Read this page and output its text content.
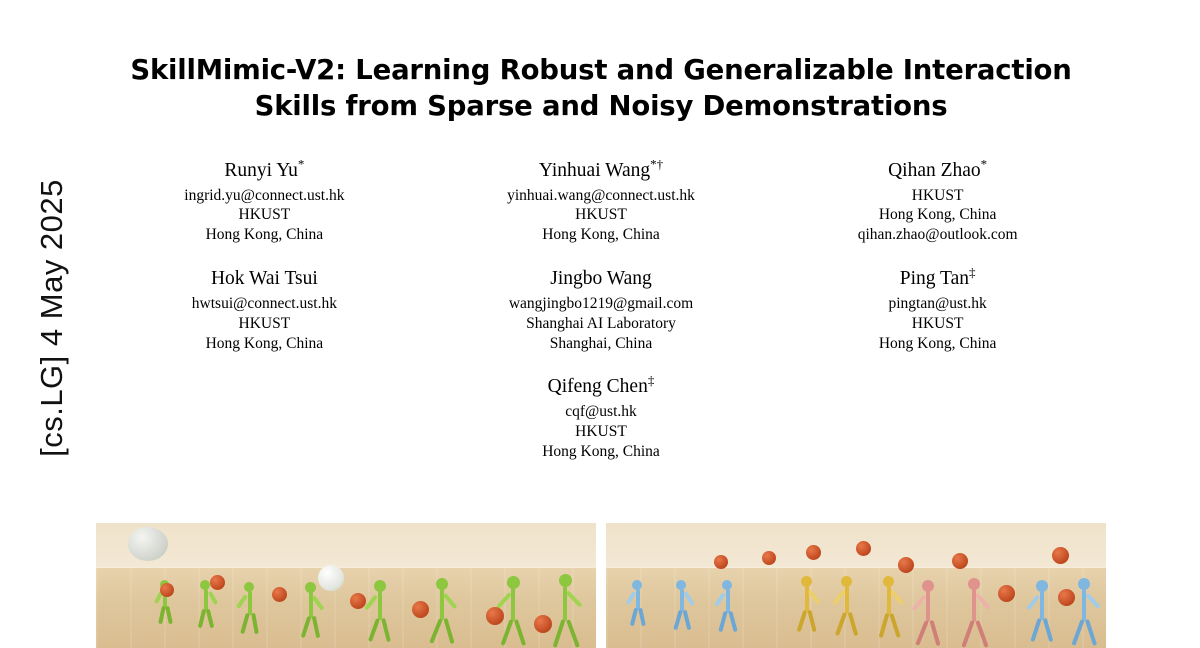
[cs.LG] 4 May 2025
SkillMimic-V2: Learning Robust and Generalizable Interaction
Skills from Sparse and Noisy Demonstrations
Runyi Yu*
ingrid.yu@connect.ust.hk
HKUST
Hong Kong, China
Yinhuai Wang*†
yinhuai.wang@connect.ust.hk
HKUST
Hong Kong, China
Qihan Zhao*
HKUST
Hong Kong, China
qihan.zhao@outlook.com
Hok Wai Tsui
hwtsui@connect.ust.hk
HKUST
Hong Kong, China
Jingbo Wang
wangjingbo1219@gmail.com
Shanghai AI Laboratory
Shanghai, China
Ping Tan‡
pingtan@ust.hk
HKUST
Hong Kong, China
Qifeng Chen‡
cqf@ust.hk
HKUST
Hong Kong, China
